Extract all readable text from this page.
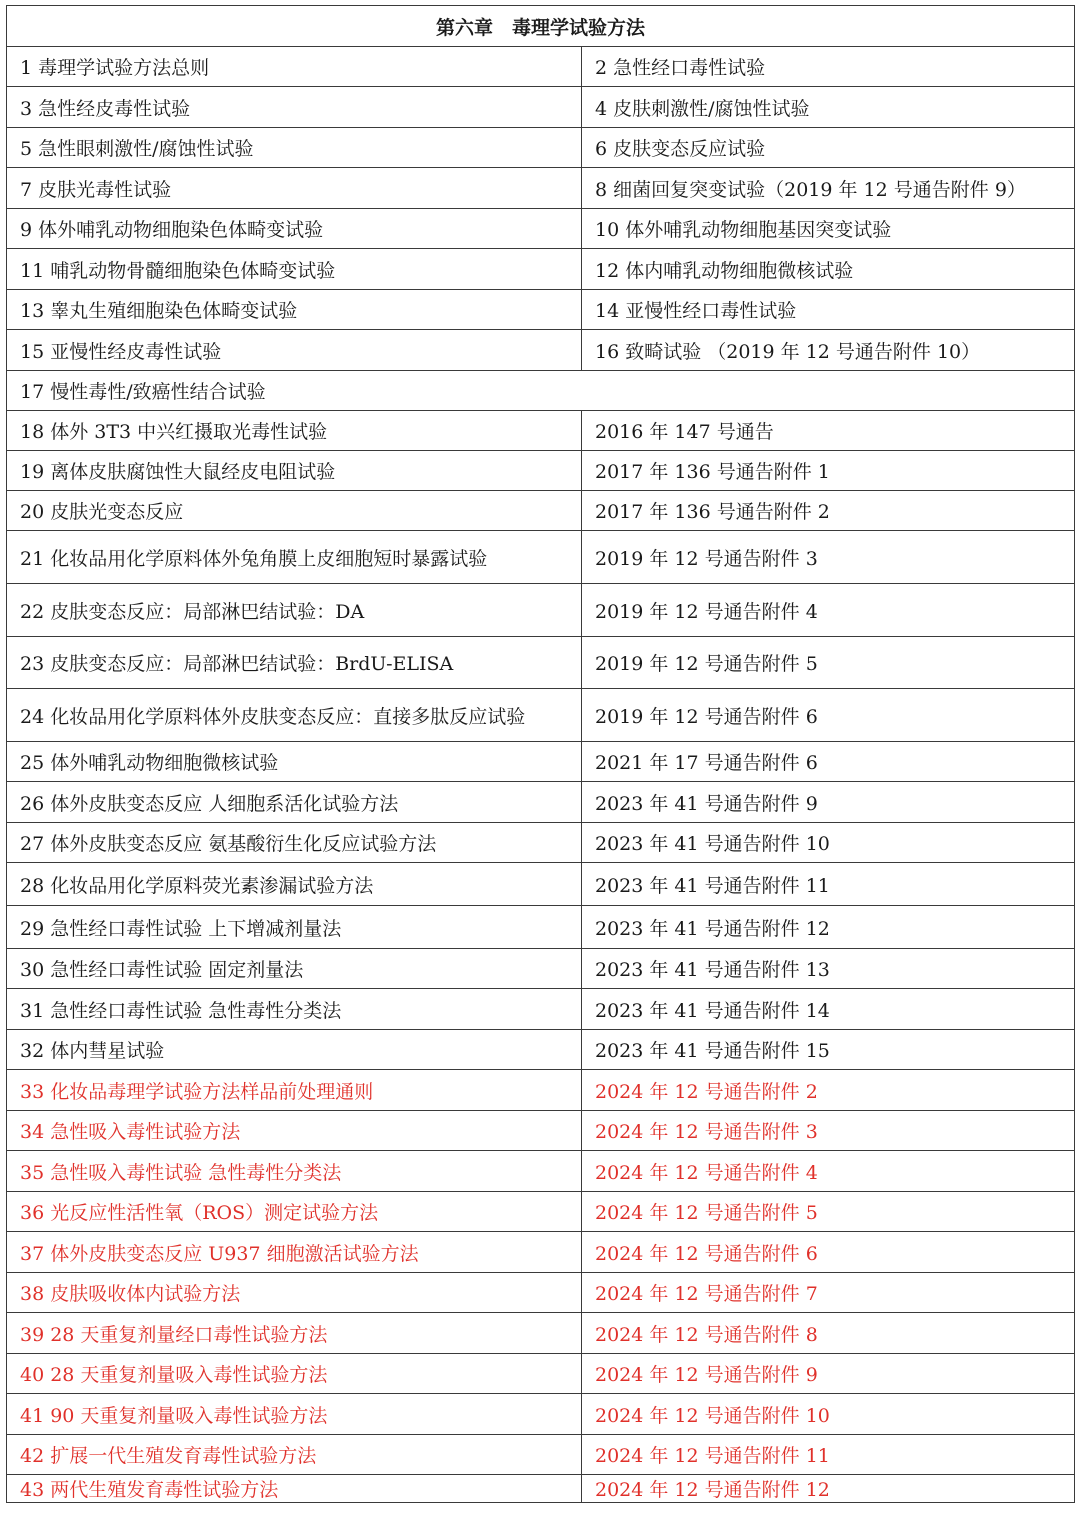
第六章　毒理学试验方法	
1 毒理学试验方法总则	2 急性经口毒性试验
3 急性经皮毒性试验	4 皮肤刺激性/腐蚀性试验
5 急性眼刺激性/腐蚀性试验	6 皮肤变态反应试验
7 皮肤光毒性试验	8 细菌回复突变试验（2019 年 12 号通告附件 9）
9 体外哺乳动物细胞染色体畸变试验	10 体外哺乳动物细胞基因突变试验
11 哺乳动物骨髓细胞染色体畸变试验	12 体内哺乳动物细胞微核试验
13 睾丸生殖细胞染色体畸变试验	14 亚慢性经口毒性试验
15 亚慢性经皮毒性试验	16 致畸试验 （2019 年 12 号通告附件 10）
17 慢性毒性/致癌性结合试验	
18 体外 3T3 中兴红摄取光毒性试验	2016 年 147 号通告
19 离体皮肤腐蚀性大鼠经皮电阻试验	2017 年 136 号通告附件 1
20 皮肤光变态反应	2017 年 136 号通告附件 2
21 化妆品用化学原料体外兔角膜上皮细胞短时暴露试验	2019 年 12 号通告附件 3
22 皮肤变态反应：局部淋巴结试验：DA	2019 年 12 号通告附件 4
23 皮肤变态反应：局部淋巴结试验：BrdU-ELISA	2019 年 12 号通告附件 5
24 化妆品用化学原料体外皮肤变态反应：直接多肽反应试验	2019 年 12 号通告附件 6
25 体外哺乳动物细胞微核试验	2021 年 17 号通告附件 6
26 体外皮肤变态反应 人细胞系活化试验方法	2023 年 41 号通告附件 9
27 体外皮肤变态反应 氨基酸衍生化反应试验方法	2023 年 41 号通告附件 10
28 化妆品用化学原料荧光素渗漏试验方法	2023 年 41 号通告附件 11
29 急性经口毒性试验 上下增减剂量法	2023 年 41 号通告附件 12
30 急性经口毒性试验 固定剂量法	2023 年 41 号通告附件 13
31 急性经口毒性试验 急性毒性分类法	2023 年 41 号通告附件 14
32 体内彗星试验	2023 年 41 号通告附件 15
33 化妆品毒理学试验方法样品前处理通则	2024 年 12 号通告附件 2
34 急性吸入毒性试验方法	2024 年 12 号通告附件 3
35 急性吸入毒性试验 急性毒性分类法	2024 年 12 号通告附件 4
36 光反应性活性氧（ROS）测定试验方法	2024 年 12 号通告附件 5
37 体外皮肤变态反应 U937 细胞激活试验方法	2024 年 12 号通告附件 6
38 皮肤吸收体内试验方法	2024 年 12 号通告附件 7
39 28 天重复剂量经口毒性试验方法	2024 年 12 号通告附件 8
40 28 天重复剂量吸入毒性试验方法	2024 年 12 号通告附件 9
41 90 天重复剂量吸入毒性试验方法	2024 年 12 号通告附件 10
42 扩展一代生殖发育毒性试验方法	2024 年 12 号通告附件 11
43 两代生殖发育毒性试验方法	2024 年 12 号通告附件 12
